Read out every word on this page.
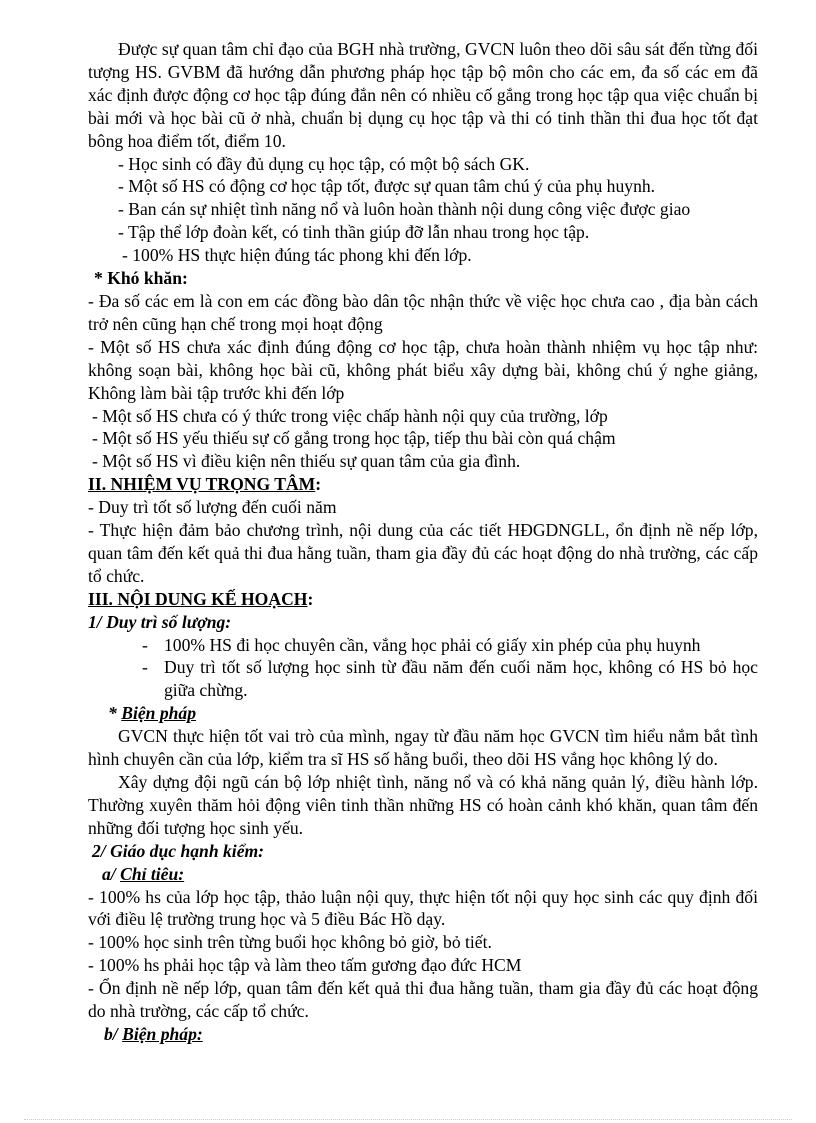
Được sự quan tâm chỉ đạo của BGH nhà trường, GVCN luôn theo dõi sâu sát đến từng đối tượng HS. GVBM đã hướng dẫn phương pháp học tập bộ môn cho các em, đa số các em đã xác định được động cơ học tập đúng đắn nên có nhiều cố gắng trong học tập qua việc chuẩn bị bài mới và học bài cũ ở nhà, chuẩn bị dụng cụ học tập và thi có tinh thần thi đua học tốt đạt bông hoa điểm tốt, điểm 10.

- Học sinh có đầy đủ dụng cụ học tập, có một bộ sách GK.

- Một số HS có động cơ học tập tốt, được sự quan tâm chú ý của phụ huynh.

- Ban cán sự nhiệt tình năng nổ và luôn hoàn thành nội dung công việc được giao

- Tập thể lớp đoàn kết, có tinh thần giúp đỡ lẫn nhau trong học tập.

- 100% HS thực hiện đúng tác phong khi đến lớp.

* Khó khăn:

- Đa số các em là con em các đồng bào dân tộc nhận thức về việc học chưa cao , địa bàn cách trở nên cũng hạn chế trong mọi hoạt động

- Một số HS chưa xác định đúng động cơ học tập, chưa hoàn thành nhiệm vụ học tập như: không soạn bài, không học bài cũ, không phát biểu xây dựng bài, không chú ý nghe giảng, Không làm bài tập trước khi đến lớp

- Một số HS chưa có ý thức trong việc chấp hành nội quy của trường, lớp

- Một số HS yếu thiếu sự cố gắng trong học tập, tiếp thu bài còn quá chậm

- Một số HS vì điều kiện nên thiếu sự quan tâm của gia đình.

II. NHIỆM VỤ TRỌNG TÂM:

- Duy trì tốt số lượng đến cuối năm

- Thực hiện đảm bảo chương trình, nội dung của các tiết HĐGDNGLL, ổn định nề nếp lớp, quan tâm đến kết quả thi đua hằng tuần, tham gia đầy đủ các hoạt động do nhà trường, các cấp tổ chức.

III. NỘI DUNG KẾ HOẠCH:

1/ Duy trì số lượng:

- 100% HS đi học chuyên cần, vắng học phải có giấy xin phép của phụ huynh
- Duy trì tốt số lượng học sinh từ đầu năm đến cuối năm học, không có HS bỏ học giữa chừng.

* Biện pháp

GVCN thực hiện tốt vai trò của mình, ngay từ đầu năm học GVCN tìm hiểu nắm bắt tình hình chuyên cần của lớp, kiểm tra sĩ HS số hằng buổi, theo dõi HS vắng học không lý do.

Xây dựng đội ngũ cán bộ lớp nhiệt tình, năng nổ và có khả năng quản lý, điều hành lớp. Thường xuyên thăm hỏi động viên tinh thần những HS có hoàn cảnh khó khăn, quan tâm đến những đối tượng học sinh yếu.

2/ Giáo dục hạnh kiểm:

a/ Chỉ tiêu:

- 100% hs của lớp học tập, thảo luận nội quy, thực hiện tốt nội quy học sinh các quy định đối với điều lệ trường trung học và 5 điều Bác Hồ dạy.

- 100% học sinh trên từng buổi học không bỏ giờ, bỏ tiết.

- 100% hs phải học tập và làm theo tấm gương đạo đức HCM

- Ổn định nề nếp lớp, quan tâm đến kết quả thi đua hằng tuần, tham gia đầy đủ các hoạt động do nhà trường, các cấp tổ chức.

b/ Biện pháp:
